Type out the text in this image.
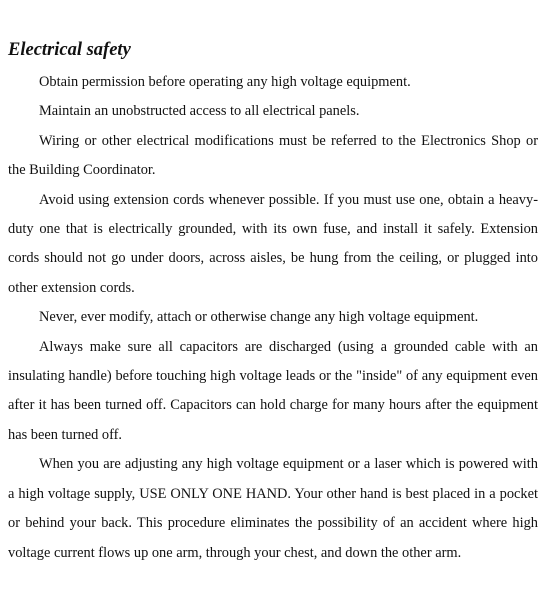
Electrical safety

Obtain permission before operating any high voltage equipment.

Maintain an unobstructed access to all electrical panels.

Wiring or other electrical modifications must be referred to the Electronics Shop or the Building Coordinator.

Avoid using extension cords whenever possible. If you must use one, obtain a heavy- duty one that is electrically grounded, with its own fuse, and install it safely. Extension cords should not go under doors, across aisles, be hung from the ceiling, or plugged into other extension cords.

Never, ever modify, attach or otherwise change any high voltage equipment.

Always make sure all capacitors are discharged (using a grounded cable with an insulating handle) before touching high voltage leads or the "inside" of any equipment even after it has been turned off. Capacitors can hold charge for many hours after the equipment has been turned off.

When you are adjusting any high voltage equipment or a laser which is powered with a high voltage supply, USE ONLY ONE HAND. Your other hand is best placed in a pocket or behind your back. This procedure eliminates the possibility of an accident where high voltage current flows up one arm, through your chest, and down the other arm.
